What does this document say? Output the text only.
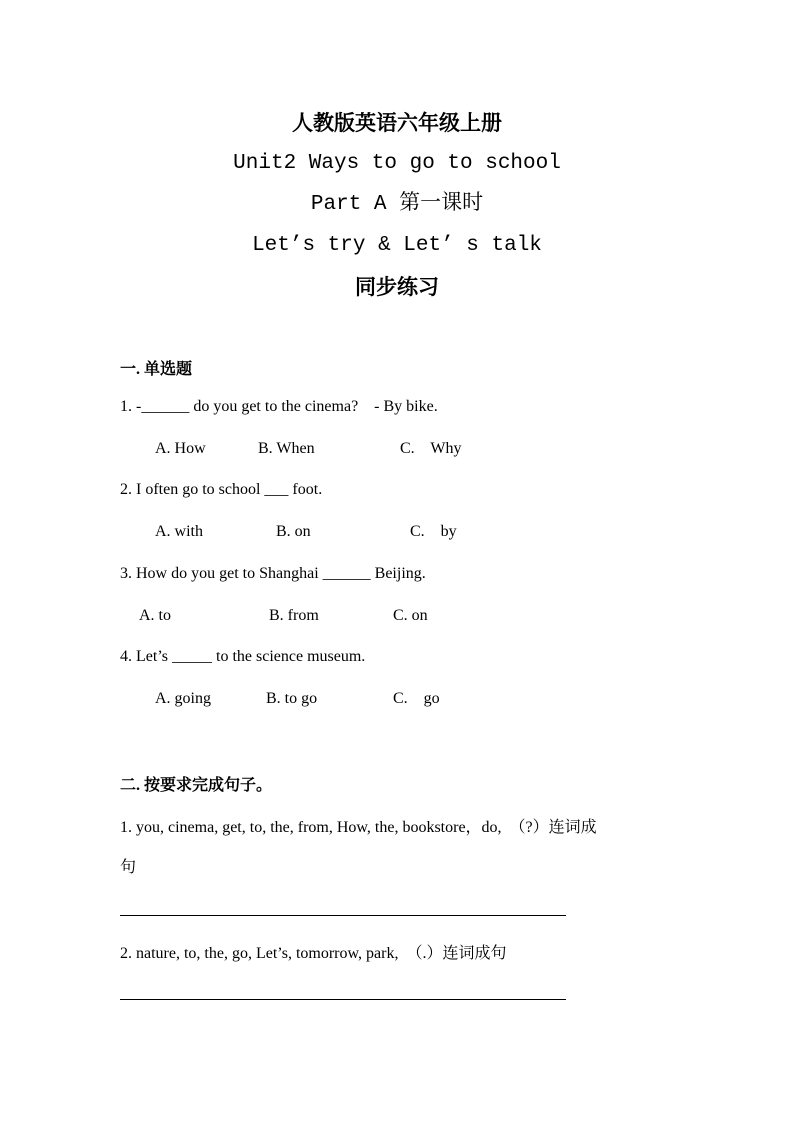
人教版英语六年级上册
Unit2 Ways to go to school
Part A 第一课时
Let’s try & Let’ s talk
同步练习
一. 单选题
1. -______ do you get to the cinema?    - By bike.
A. How	B. When	C.    Why
2. I often go to school ___ foot.
A. with	B. on	C.    by
3. How do you get to Shanghai ______ Beijing.
A. to	B. from	C. on
4. Let’s _____ to the science museum.
A. going	B. to go	C.    go
二. 按要求完成句子。
1. you, cinema, get, to, the, from, How, the, bookstore，do,  （?）连词成
句
2. nature, to, the, go, Let’s, tomorrow, park,  （.）连词成句
